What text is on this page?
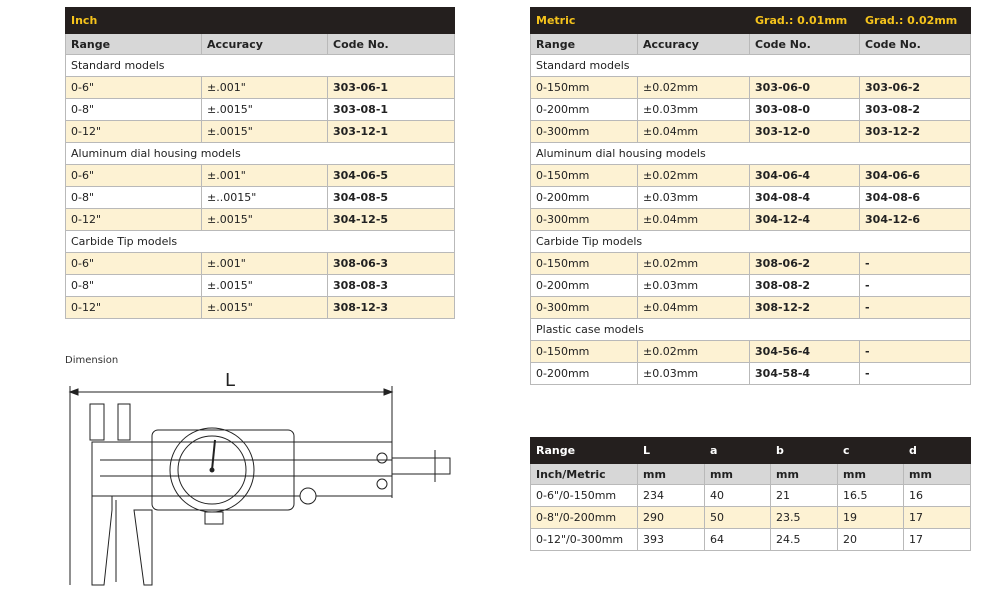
Inch		
Range	Accuracy	Code No.
Standard models		
0-6"	±.001"	303-06-1
0-8"	±.0015"	303-08-1
0-12"	±.0015"	303-12-1
Aluminum dial housing models		
0-6"	±.001"	304-06-5
0-8"	±..0015"	304-08-5
0-12"	±.0015"	304-12-5
Carbide Tip models		
0-6"	±.001"	308-06-3
0-8"	±.0015"	308-08-3
0-12"	±.0015"	308-12-3
Metric		Grad.: 0.01mm	Grad.: 0.02mm
Range	Accuracy	Code No.	Code No.
Standard models			
0-150mm	±0.02mm	303-06-0	303-06-2
0-200mm	±0.03mm	303-08-0	303-08-2
0-300mm	±0.04mm	303-12-0	303-12-2
Aluminum dial housing models			
0-150mm	±0.02mm	304-06-4	304-06-6
0-200mm	±0.03mm	304-08-4	304-08-6
0-300mm	±0.04mm	304-12-4	304-12-6
Carbide Tip models			
0-150mm	±0.02mm	308-06-2	-
0-200mm	±0.03mm	308-08-2	-
0-300mm	±0.04mm	308-12-2	-
Plastic case models			
0-150mm	±0.02mm	304-56-4	-
0-200mm	±0.03mm	304-58-4	-
Range	L	a	b	c	d
Inch/Metric	mm	mm	mm	mm	mm
0-6"/0-150mm	234	40	21	16.5	16
0-8"/0-200mm	290	50	23.5	19	17
0-12"/0-300mm	393	64	24.5	20	17
Dimension
L
